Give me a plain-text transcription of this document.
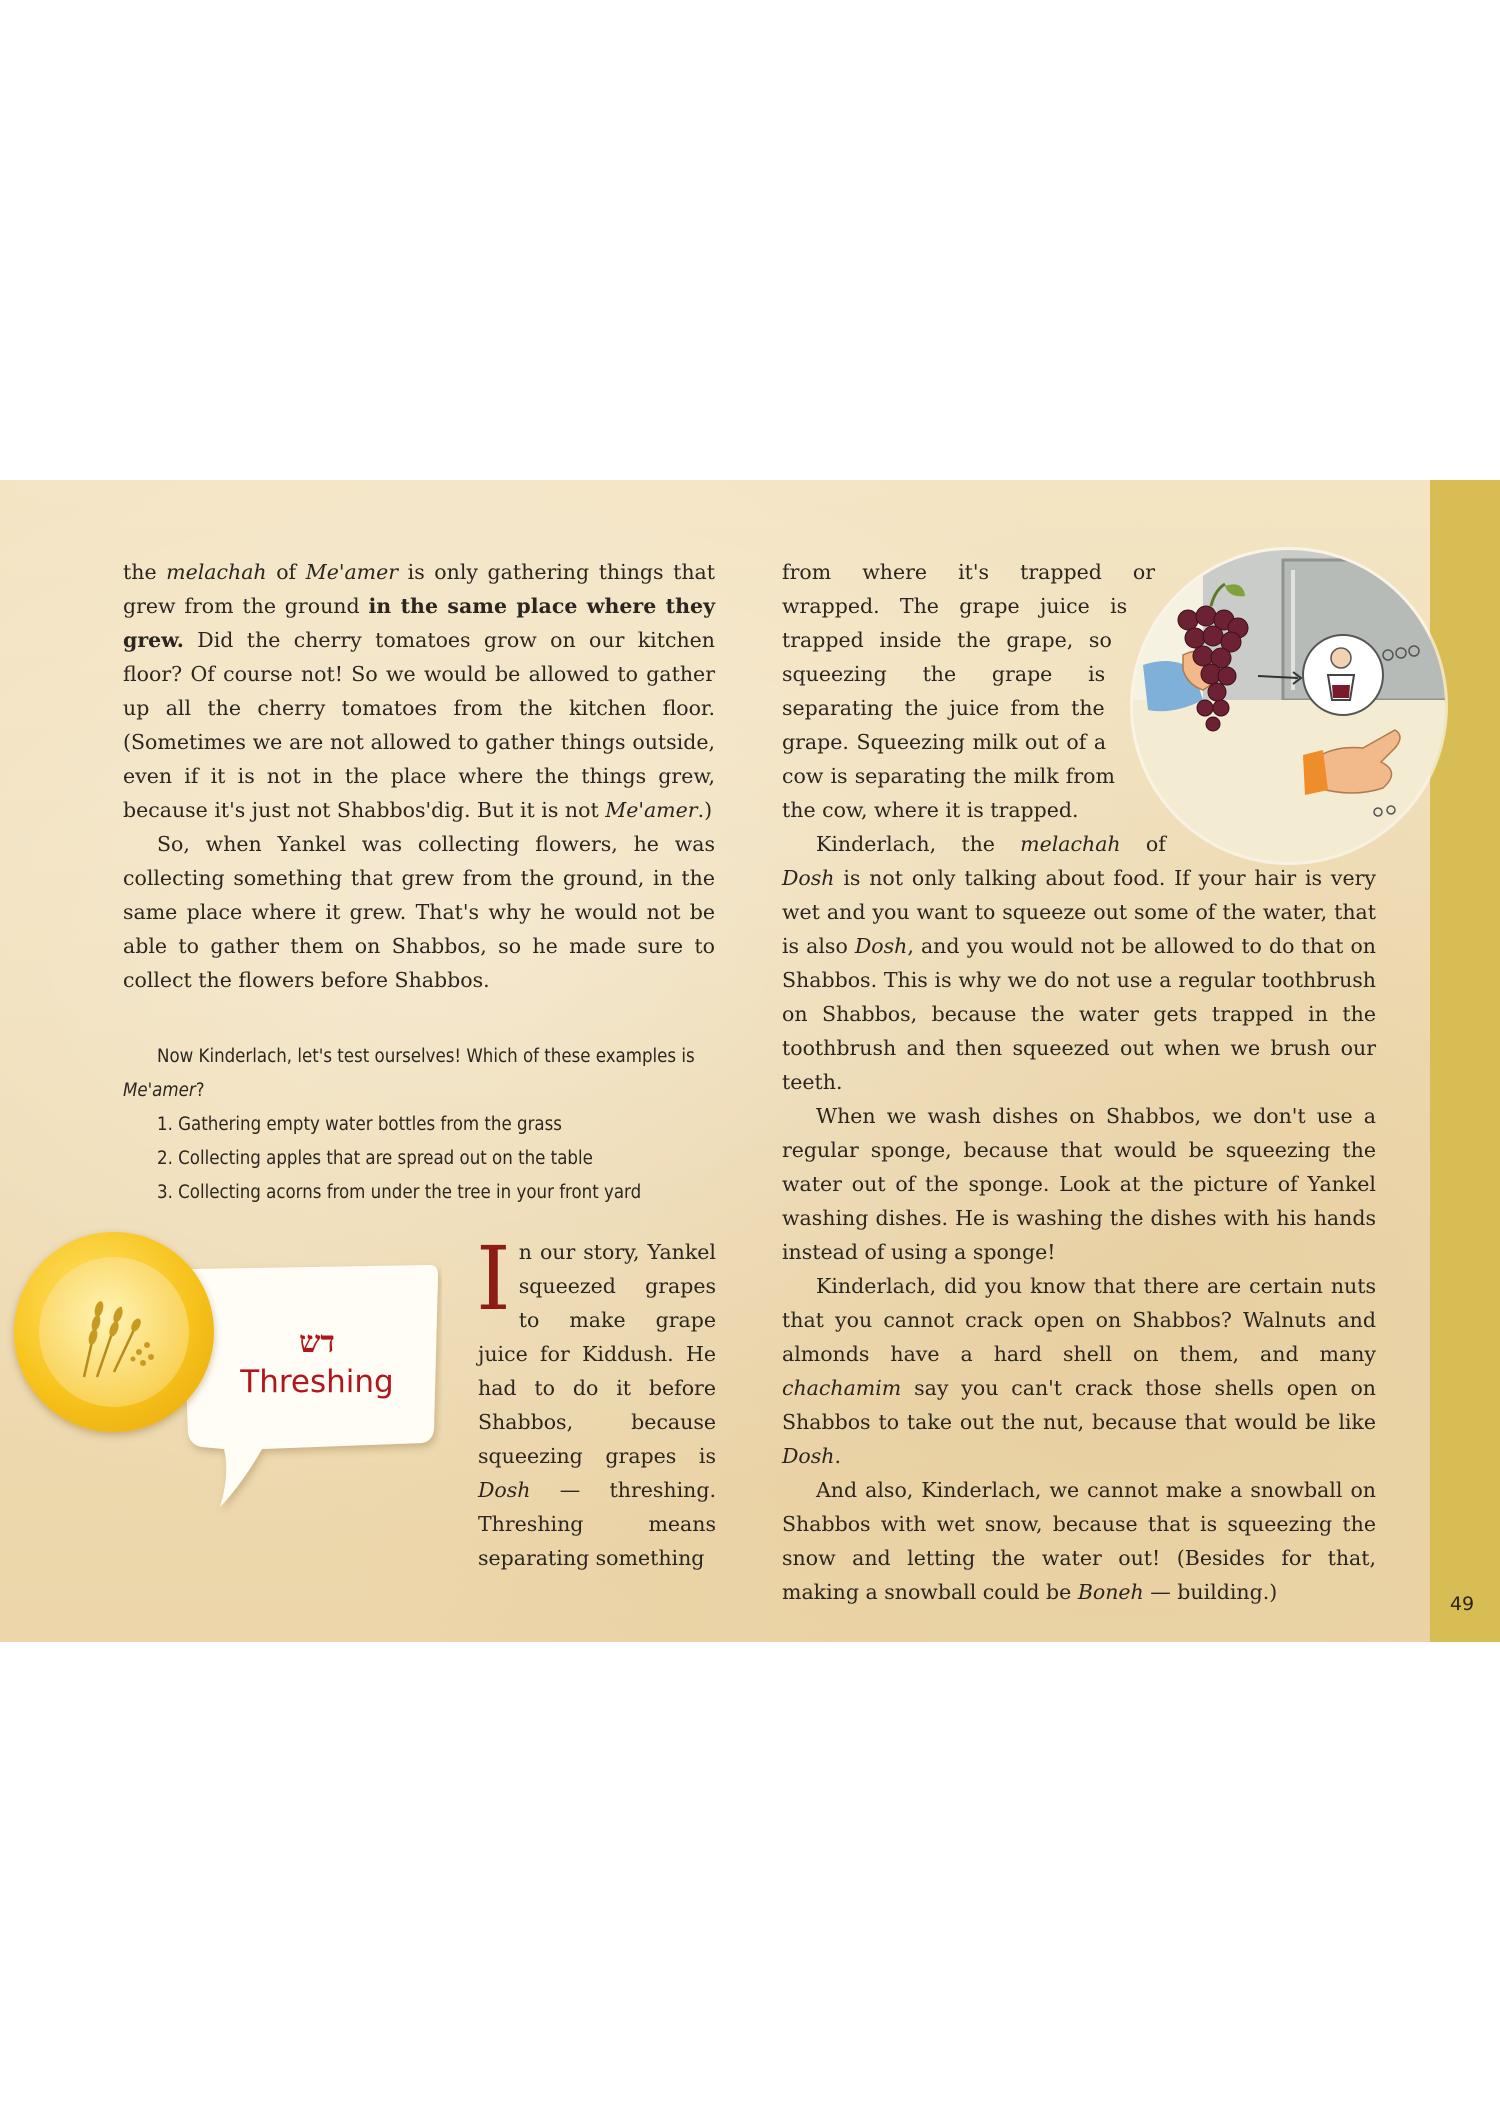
49

the melachah of Me'amer is only gathering things that grew from the ground in the same place where they grew. Did the cherry tomatoes grow on our kitchen floor? Of course not! So we would be allowed to gather up all the cherry tomatoes from the kitchen floor. (Sometimes we are not allowed to gather things outside, even if it is not in the place where the things grew, because it's just not Shabbos'dig. But it is not Me'amer.)

So, when Yankel was collecting flowers, he was collecting something that grew from the ground, in the same place where it grew. That's why he would not be able to gather them on Shabbos, so he made sure to collect the flowers before Shabbos.

Now Kinderlach, let's test ourselves! Which of these examples is Me'amer?

1. Gathering empty water bottles from the grass
2. Collecting apples that are spread out on the table
3. Collecting acorns from under the tree in your front yard
דש
Threshing

In our story, Yankel squeezed grapes to make grape juice for Kiddush. He had to do it before Shabbos, because squeezing grapes is Dosh — threshing. Threshing means separating something

from where it's trapped or wrapped. The grape juice is trapped inside the grape, so squeezing the grape is separating the juice from the grape. Squeezing milk out of a cow is separating the milk from the cow, where it is trapped.

Kinderlach, the melachah of Dosh is not only talking about food. If your hair is very wet and you want to squeeze out some of the water, that is also Dosh, and you would not be allowed to do that on Shabbos. This is why we do not use a regular toothbrush on Shabbos, because the water gets trapped in the toothbrush and then squeezed out when we brush our teeth.

When we wash dishes on Shabbos, we don't use a regular sponge, because that would be squeezing the water out of the sponge. Look at the picture of Yankel washing dishes. He is washing the dishes with his hands instead of using a sponge!

Kinderlach, did you know that there are certain nuts that you cannot crack open on Shabbos? Walnuts and almonds have a hard shell on them, and many chachamim say you can't crack those shells open on Shabbos to take out the nut, because that would be like Dosh.

And also, Kinderlach, we cannot make a snowball on Shabbos with wet snow, because that is squeezing the snow and letting the water out! (Besides for that, making a snowball could be Boneh — building.)
